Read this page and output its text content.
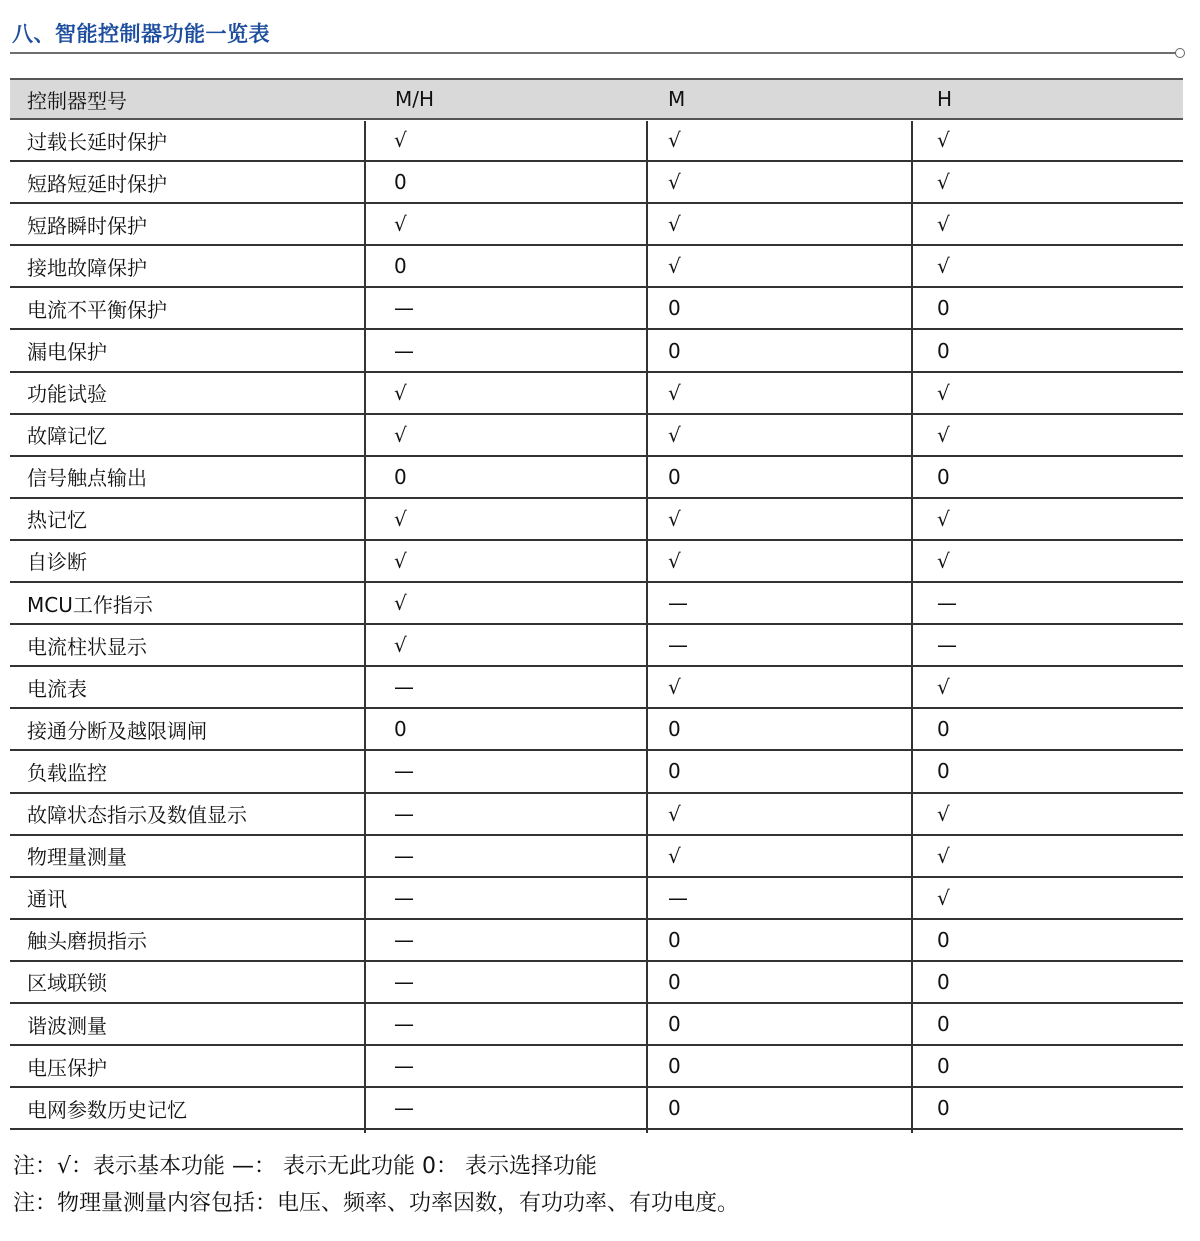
八、智能控制器功能一览表
控制器型号	M/H	M	H
过载长延时保护	√	√	√
短路短延时保护	0	√	√
短路瞬时保护	√	√	√
接地故障保护	0	√	√
电流不平衡保护	—	0	0
漏电保护	—	0	0
功能试验	√	√	√
故障记忆	√	√	√
信号触点输出	0	0	0
热记忆	√	√	√
自诊断	√	√	√
MCU工作指示	√	—	—
电流柱状显示	√	—	—
电流表	—	√	√
接通分断及越限调闸	0	0	0
负载监控	—	0	0
故障状态指示及数值显示	—	√	√
物理量测量	—	√	√
通讯	—	—	√
触头磨损指示	—	0	0
区域联锁	—	0	0
谐波测量	—	0	0
电压保护	—	0	0
电网参数历史记忆	—	0	0
注：√：表示基本功能 —： 表示无此功能 0： 表示选择功能
注：物理量测量内容包括：电压、频率、功率因数，有功功率、有功电度。
